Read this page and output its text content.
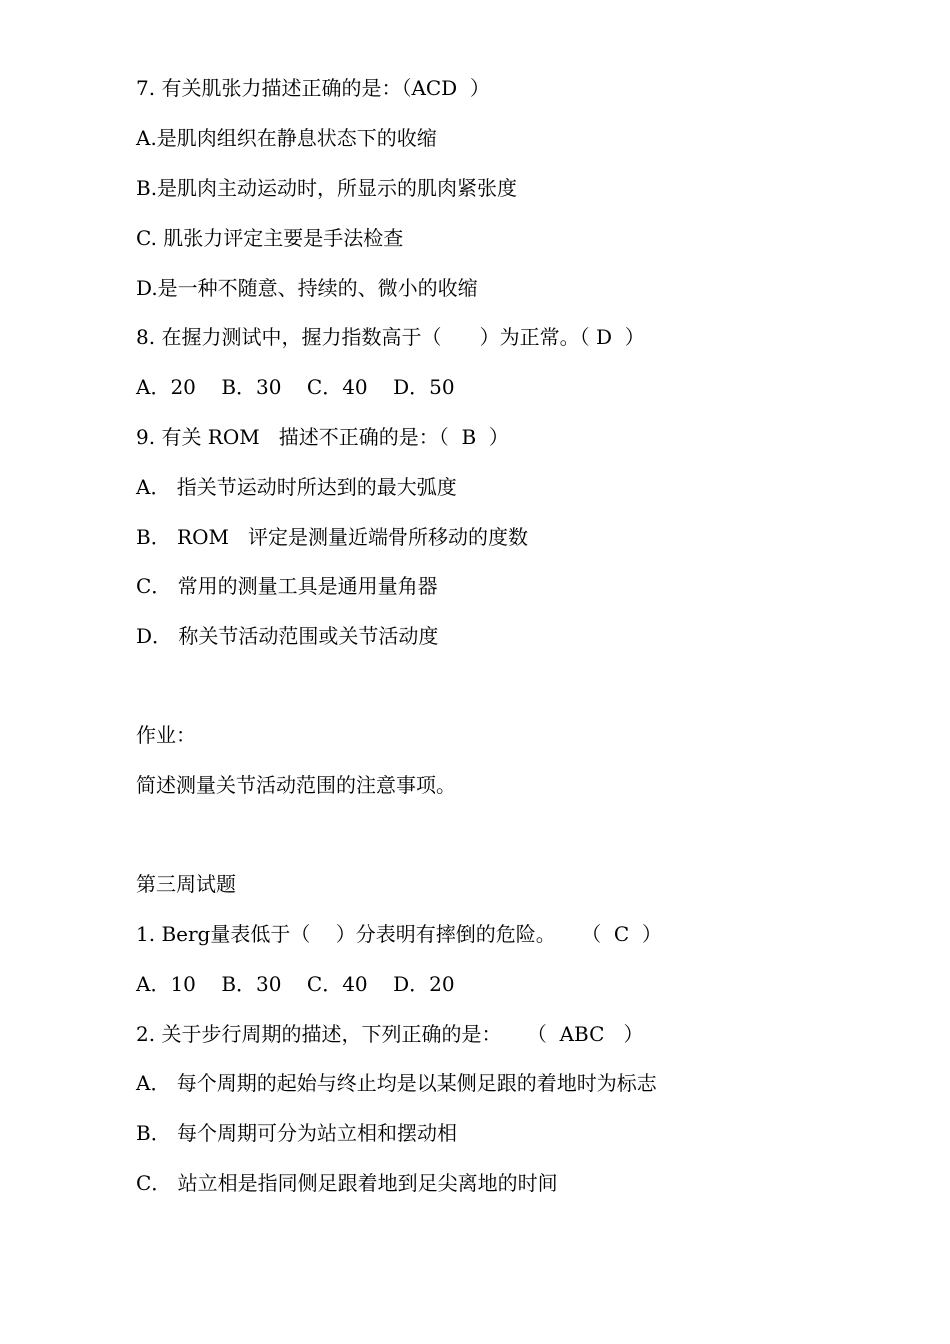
7. 有关肌张力描述正确的是：（ACD  ）
A.是肌肉组织在静息状态下的收缩
B.是肌肉主动运动时，所显示的肌肉紧张度
C. 肌张力评定主要是手法检查
D.是一种不随意、持续的、微小的收缩
8. 在握力测试中，握力指数高于（      ）为正常。（ D  ）
A．20    B．30    C．40    D．50
9. 有关 ROM   描述不正确的是：（  B  ）
A． 指关节运动时所达到的最大弧度
B． ROM   评定是测量近端骨所移动的度数
C． 常用的测量工具是通用量角器
D． 称关节活动范围或关节活动度
作业：
简述测量关节活动范围的注意事项。
第三周试题
1. Berg量表低于（    ）分表明有摔倒的危险。    （  C  ）
A．10    B．30    C．40    D．20
2. 关于步行周期的描述，下列正确的是：    （  ABC   ）
A． 每个周期的起始与终止均是以某侧足跟的着地时为标志
B． 每个周期可分为站立相和摆动相
C． 站立相是指同侧足跟着地到足尖离地的时间
